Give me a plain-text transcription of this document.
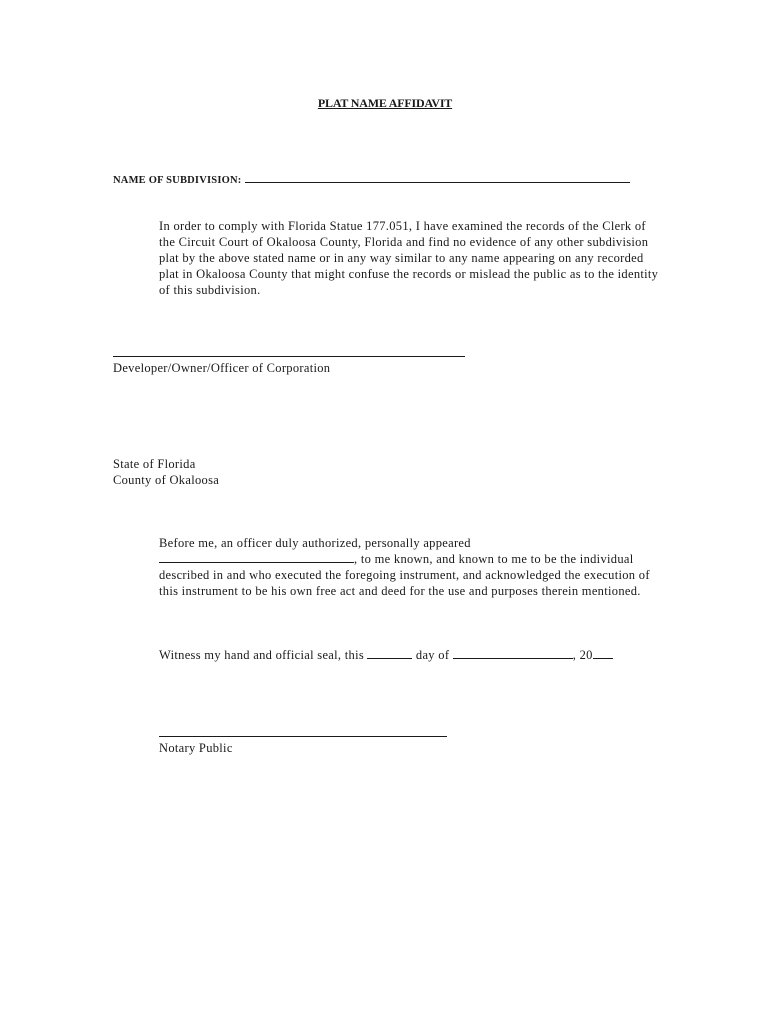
PLAT NAME AFFIDAVIT
NAME OF SUBDIVISION:
In order to comply with Florida Statue 177.051, I have examined the records of the Clerk of the Circuit Court of Okaloosa County, Florida and find no evidence of any other subdivision plat by the above stated name or in any way similar to any name appearing on any recorded plat in Okaloosa County that might confuse the records or mislead the public as to the identity of this subdivision.
Developer/Owner/Officer of Corporation
State of Florida
County of Okaloosa
Before me, an officer duly authorized, personally appeared
, to me known, and known to me to be the individual described in and who executed the foregoing instrument, and acknowledged the execution of this instrument to be his own free act and deed for the use and purposes therein mentioned.
Witness my hand and official seal, this	day of	, 20
Notary Public
